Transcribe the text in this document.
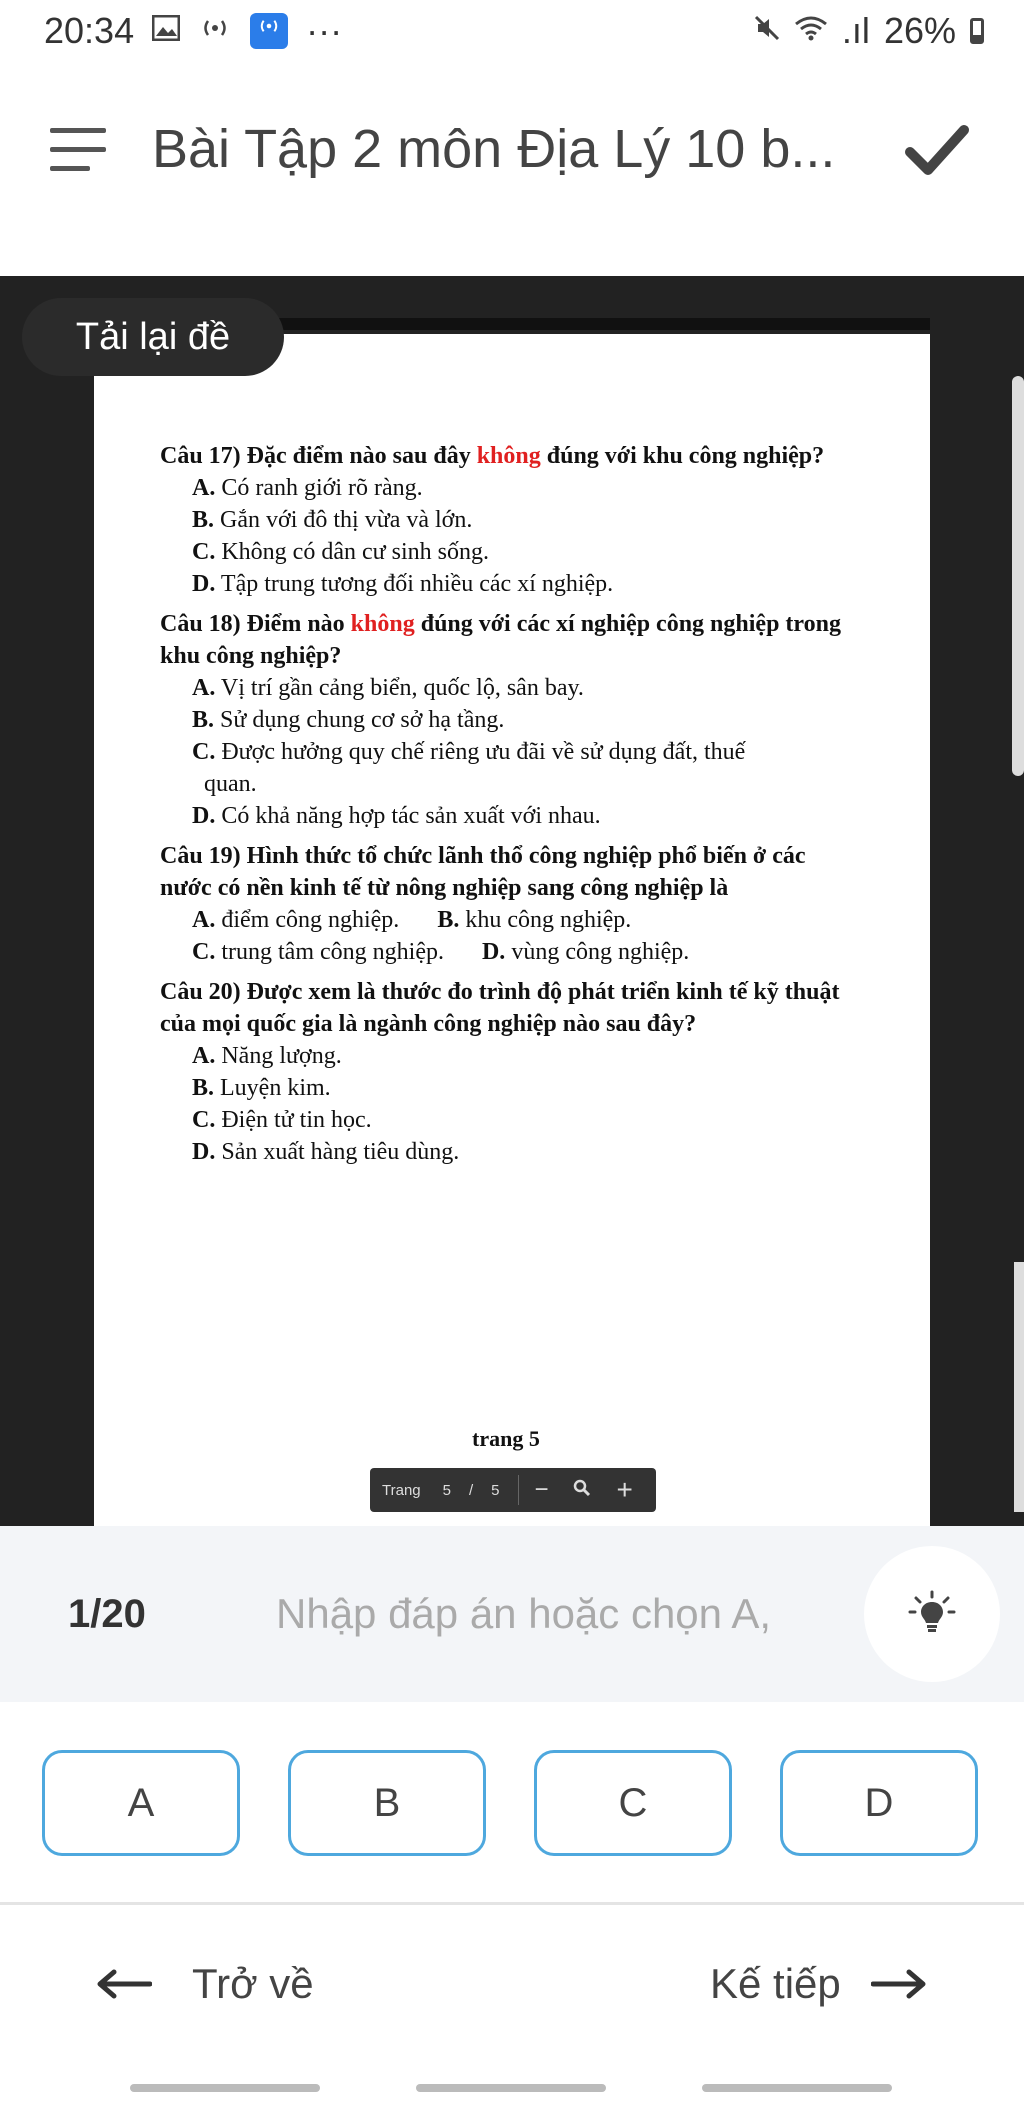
20:34	···	.ıl 26%
Bài Tập 2 môn Địa Lý 10 b...
Tải lại đề
Câu 17) Đặc điểm nào sau đây không đúng với khu công nghiệp?
A. Có ranh giới rõ ràng.
B. Gắn với đô thị vừa và lớn.
C. Không có dân cư sinh sống.
D. Tập trung tương đối nhiều các xí nghiệp.
Câu 18) Điểm nào không đúng với các xí nghiệp công nghiệp trong khu công nghiệp?
A. Vị trí gần cảng biển, quốc lộ, sân bay.
B. Sử dụng chung cơ sở hạ tầng.
C. Được hưởng quy chế riêng ưu đãi về sử dụng đất, thuế
quan.
D. Có khả năng hợp tác sản xuất với nhau.
Câu 19) Hình thức tổ chức lãnh thổ công nghiệp phổ biến ở các nước có nền kinh tế từ nông nghiệp sang công nghiệp là
A. điểm công nghiệp. B. khu công nghiệp.
C. trung tâm công nghiệp. D. vùng công nghiệp.
Câu 20) Được xem là thước đo trình độ phát triển kinh tế kỹ thuật của mọi quốc gia là ngành công nghiệp nào sau đây?
A. Năng lượng.
B. Luyện kim.
C. Điện tử tin học.
D. Sản xuất hàng tiêu dùng.
trang 5
Trang 5 / 5 − +
1/20
Nhập đáp án hoặc chọn A,
A	B	C	D
Trở về	Kế tiếp
